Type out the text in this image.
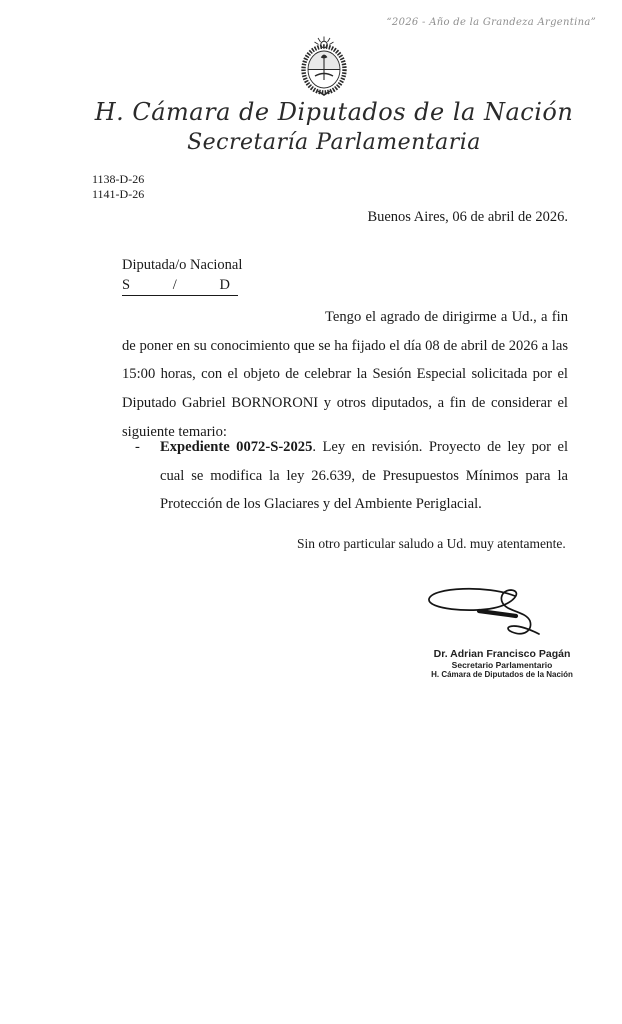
“2026 - Año de la Grandeza Argentina”
H. Cámara de Diputados de la Nación
Secretaría Parlamentaria
1138-D-26
1141-D-26
Buenos Aires, 06 de abril de 2026.
Diputada/o Nacional
S	/	D
Tengo el agrado de dirigirme a Ud., a fin de poner en su conocimiento que se ha fijado el día 08 de abril de 2026 a las 15:00 horas, con el objeto de celebrar la Sesión Especial solicitada por el Diputado Gabriel BORNORONI y otros diputados, a fin de considerar el siguiente temario:
-	Expediente 0072-S-2025. Ley en revisión. Proyecto de ley por el cual se modifica la ley 26.639, de Presupuestos Mínimos para la Protección de los Glaciares y del Ambiente Periglacial.
Sin otro particular saludo a Ud. muy atentamente.
Dr. Adrian Francisco Pagán
Secretario Parlamentario
H. Cámara de Diputados de la Nación
